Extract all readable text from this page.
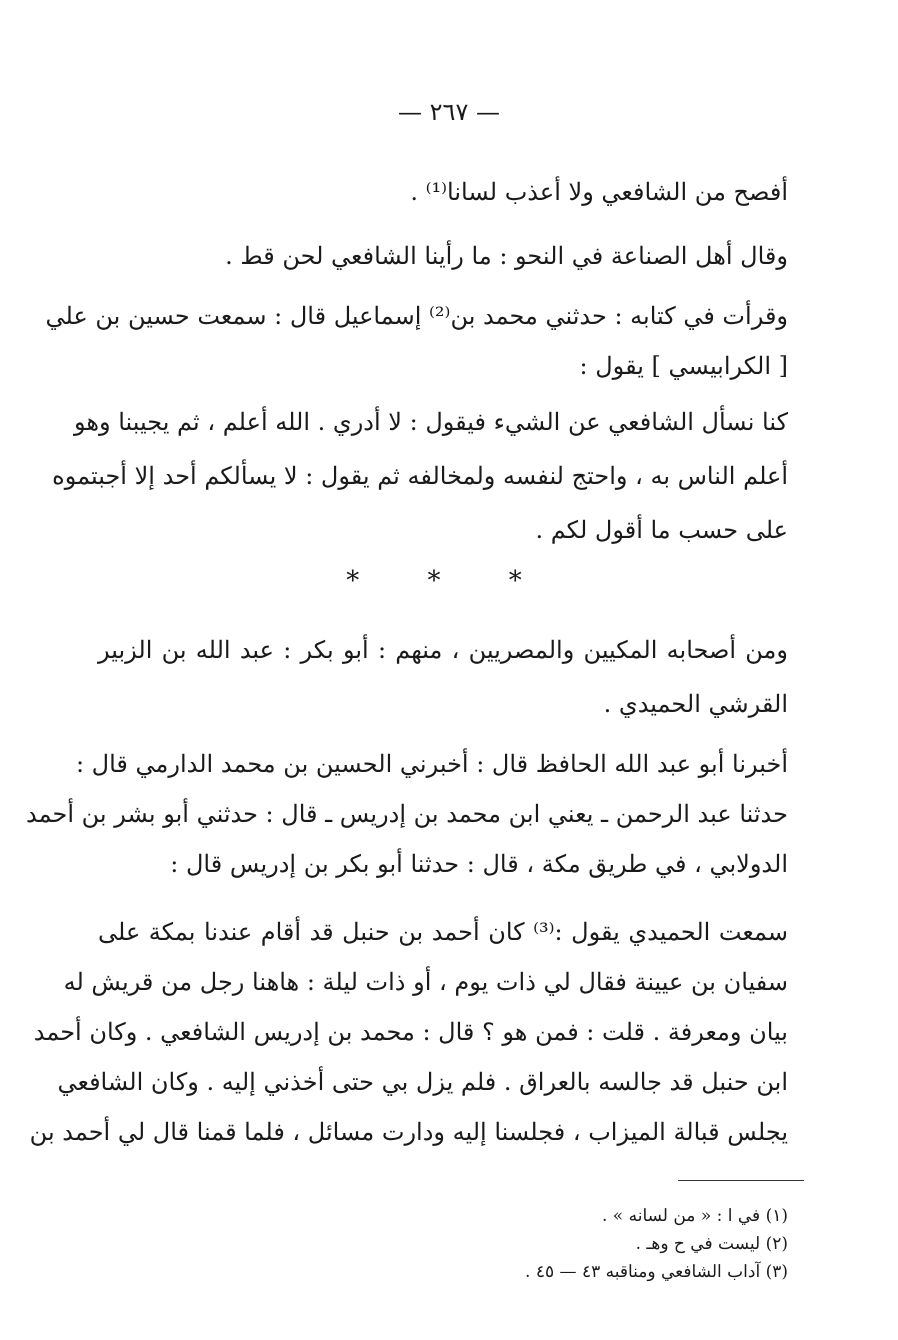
— ٢٦٧ —
أفصح من الشافعي ولا أعذب لسانا⁽¹⁾ .
وقال أهل الصناعة في النحو : ما رأينا الشافعي لحن قط .
وقرأت في كتابه : حدثني محمد بن⁽²⁾ إسماعيل قال : سمعت حسين بن علي
[ الكرابيسي ] يقول :
كنا نسأل الشافعي عن الشيء فيقول : لا أدري . الله أعلم ، ثم يجيبنا وهو
أعلم الناس به ، واحتج لنفسه ولمخالفه ثم يقول : لا يسألكم أحد إلا أجبتموه
على حسب ما أقول لكم .
* * *
ومن أصحابه المكيين والمصريين ، منهم : أبو بكر : عبد الله بن الزبير
القرشي الحميدي .
أخبرنا أبو عبد الله الحافظ قال : أخبرني الحسين بن محمد الدارمي قال :
حدثنا عبد الرحمن ـ يعني ابن محمد بن إدريس ـ قال : حدثني أبو بشر بن أحمد
الدولابي ، في طريق مكة ، قال : حدثنا أبو بكر بن إدريس قال :
سمعت الحميدي يقول :⁽³⁾ كان أحمد بن حنبل قد أقام عندنا بمكة على
سفيان بن عيينة فقال لي ذات يوم ، أو ذات ليلة : هاهنا رجل من قريش له
بيان ومعرفة . قلت : فمن هو ؟ قال : محمد بن إدريس الشافعي . وكان أحمد
ابن حنبل قد جالسه بالعراق . فلم يزل بي حتى أخذني إليه . وكان الشافعي
يجلس قبالة الميزاب ، فجلسنا إليه ودارت مسائل ، فلما قمنا قال لي أحمد بن
(١) في ا : « من لسانه » .
(٢) ليست في ح وهـ .
(٣) آداب الشافعي ومناقبه ٤٣ — ٤٥ .
